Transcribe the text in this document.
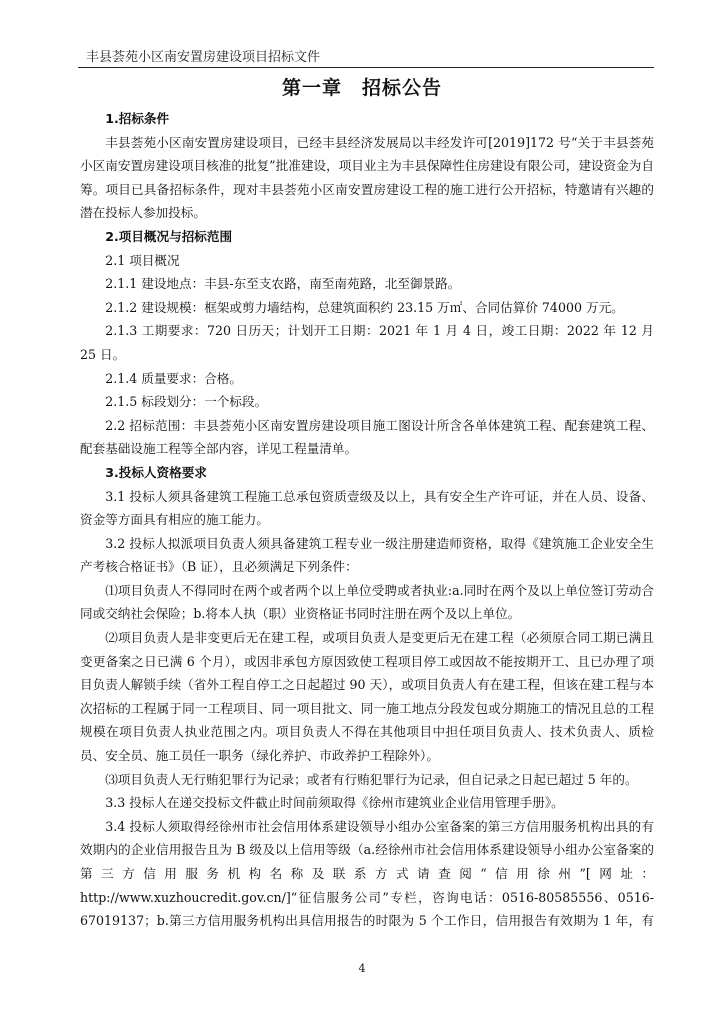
丰县荟苑小区南安置房建设项目招标文件
第一章　招标公告

1.招标条件

丰县荟苑小区南安置房建设项目，已经丰县经济发展局以丰经发许可[2019]172 号“关于丰县荟苑小区南安置房建设项目核准的批复”批准建设，项目业主为丰县保障性住房建设有限公司，建设资金为自筹。项目已具备招标条件，现对丰县荟苑小区南安置房建设工程的施工进行公开招标，特邀请有兴趣的潜在投标人参加投标。

2.项目概况与招标范围

2.1 项目概况

2.1.1 建设地点：丰县-东至支农路，南至南苑路，北至御景路。

2.1.2 建设规模：框架或剪力墙结构，总建筑面积约 23.15 万㎡、合同估算价 74000 万元。

2.1.3 工期要求：720 日历天；计划开工日期：2021 年 1 月 4 日，竣工日期：2022 年 12 月 25 日。

2.1.4 质量要求：合格。

2.1.5 标段划分：一个标段。

2.2 招标范围：丰县荟苑小区南安置房建设项目施工图设计所含各单体建筑工程、配套建筑工程、配套基础设施工程等全部内容，详见工程量清单。

3.投标人资格要求

3.1 投标人须具备建筑工程施工总承包资质壹级及以上，具有安全生产许可证，并在人员、设备、资金等方面具有相应的施工能力。

3.2 投标人拟派项目负责人须具备建筑工程专业一级注册建造师资格，取得《建筑施工企业安全生产考核合格证书》（B 证），且必须满足下列条件：

⑴项目负责人不得同时在两个或者两个以上单位受聘或者执业:a.同时在两个及以上单位签订劳动合同或交纳社会保险；b.将本人执（职）业资格证书同时注册在两个及以上单位。

⑵项目负责人是非变更后无在建工程，或项目负责人是变更后无在建工程（必须原合同工期已满且变更备案之日已满 6 个月），或因非承包方原因致使工程项目停工或因故不能按期开工、且已办理了项目负责人解锁手续（省外工程自停工之日起超过 90 天），或项目负责人有在建工程，但该在建工程与本次招标的工程属于同一工程项目、同一项目批文、同一施工地点分段发包或分期施工的情况且总的工程规模在项目负责人执业范围之内。项目负责人不得在其他项目中担任项目负责人、技术负责人、质检员、安全员、施工员任一职务（绿化养护、市政养护工程除外）。

⑶项目负责人无行贿犯罪行为记录；或者有行贿犯罪行为记录，但自记录之日起已超过 5 年的。

3.3 投标人在递交投标文件截止时间前须取得《徐州市建筑业企业信用管理手册》。

3.4 投标人须取得经徐州市社会信用体系建设领导小组办公室备案的第三方信用服务机构出具的有效期内的企业信用报告且为 B 级及以上信用等级（a.经徐州市社会信用体系建设领导小组办公室备案的第三方信用服务机构名称及联系方式请查阅“信用徐州”[网址：http://www.xuzhoucredit.gov.cn/]“征信服务公司”专栏，咨询电话：0516-80585556、0516-67019137；b.第三方信用服务机构出具信用报告的时限为 5 个工作日，信用报告有效期为 1 年，有

4
